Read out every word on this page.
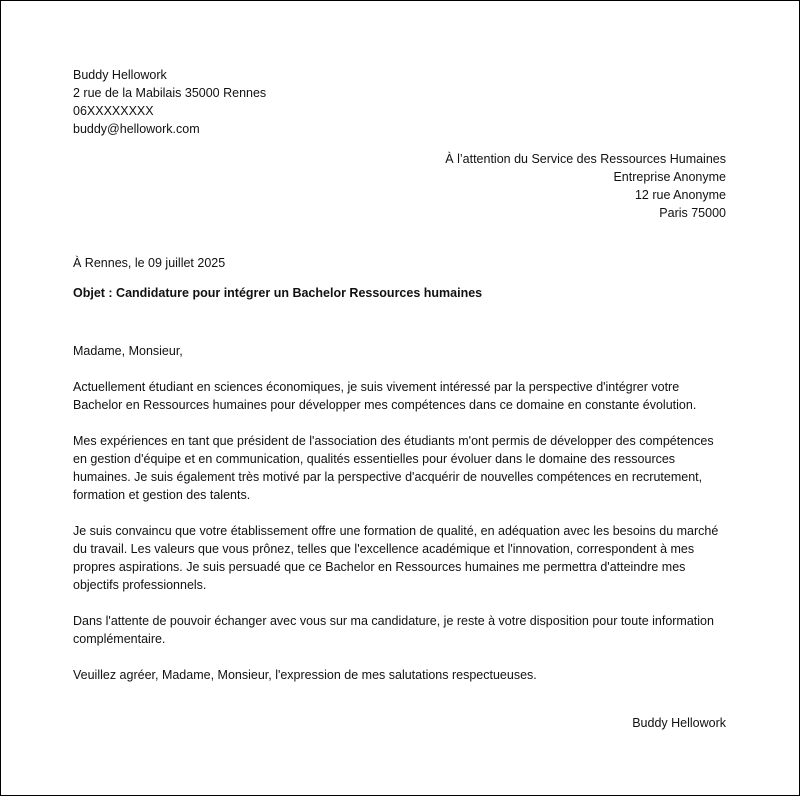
Buddy Hellowork
2 rue de la Mabilais 35000 Rennes
06XXXXXXXX
buddy@hellowork.com
À l’attention du Service des Ressources Humaines
Entreprise Anonyme
12 rue Anonyme
Paris 75000
À Rennes, le 09 juillet 2025
Objet : Candidature pour intégrer un Bachelor Ressources humaines

Madame, Monsieur,

Actuellement étudiant en sciences économiques, je suis vivement intéressé par la perspective d'intégrer votre Bachelor en Ressources humaines pour développer mes compétences dans ce domaine en constante évolution.

Mes expériences en tant que président de l'association des étudiants m'ont permis de développer des compétences en gestion d'équipe et en communication, qualités essentielles pour évoluer dans le domaine des ressources humaines. Je suis également très motivé par la perspective d'acquérir de nouvelles compétences en recrutement, formation et gestion des talents.

Je suis convaincu que votre établissement offre une formation de qualité, en adéquation avec les besoins du marché du travail. Les valeurs que vous prônez, telles que l'excellence académique et l'innovation, correspondent à mes propres aspirations. Je suis persuadé que ce Bachelor en Ressources humaines me permettra d'atteindre mes objectifs professionnels.

Dans l'attente de pouvoir échanger avec vous sur ma candidature, je reste à votre disposition pour toute information complémentaire.

Veuillez agréer, Madame, Monsieur, l'expression de mes salutations respectueuses.

Buddy Hellowork
